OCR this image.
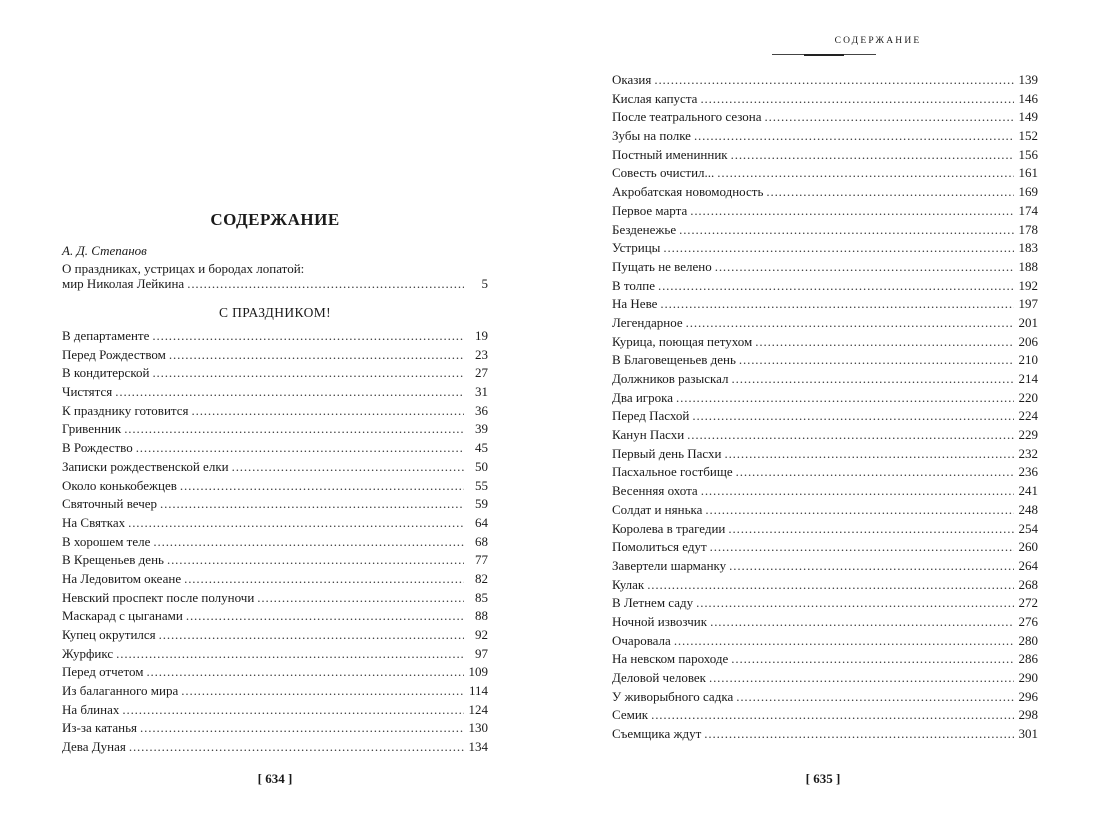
СОДЕРЖАНИЕ
А. Д. Степанов
О праздниках, устрицах и бородах лопатой:
мир Николая Лейкина . . .	5
С ПРАЗДНИКОМ!
В департаменте . . .	19
Перед Рождеством . . .	23
В кондитерской . . .	27
Чистятся . . .	31
К празднику готовится . . .	36
Гривенник . . .	39
В Рождество . . .	45
Записки рождественской елки . . .	50
Около конькобежцев . . .	55
Святочный вечер . . .	59
На Святках . . .	64
В хорошем теле . . .	68
В Крещеньев день . . .	77
На Ледовитом океане . . .	82
Невский проспект после полуночи . . .	85
Маскарад с цыганами . . .	88
Купец окрутился . . .	92
Журфикс . . .	97
Перед отчетом . . .	109
Из балаганного мира . . .	114
На блинах . . .	124
Из-за катанья . . .	130
Дева Дуная . . .	134
[ 634 ]
СОДЕРЖАНИЕ
Оказия . . .	139
Кислая капуста . . .	146
После театрального сезона . . .	149
Зубы на полке . . .	152
Постный именинник . . .	156
Совесть очистил... . . .	161
Акробатская новомодность . . .	169
Первое марта . . .	174
Безденежье . . .	178
Устрицы . . .	183
Пущать не велено . . .	188
В толпе . . .	192
На Неве . . .	197
Легендарное . . .	201
Курица, поющая петухом . . .	206
В Благовещеньев день . . .	210
Должников разыскал . . .	214
Два игрока . . .	220
Перед Пасхой . . .	224
Канун Пасхи . . .	229
Первый день Пасхи . . .	232
Пасхальное гостбище . . .	236
Весенняя охота . . .	241
Солдат и нянька . . .	248
Королева в трагедии . . .	254
Помолиться едут . . .	260
Завертели шарманку . . .	264
Кулак . . .	268
В Летнем саду . . .	272
Ночной извозчик . . .	276
Очаровала . . .	280
На невском пароходе . . .	286
Деловой человек . . .	290
У живорыбного садка . . .	296
Семик . . .	298
Съемщика ждут . . .	301
[ 635 ]
